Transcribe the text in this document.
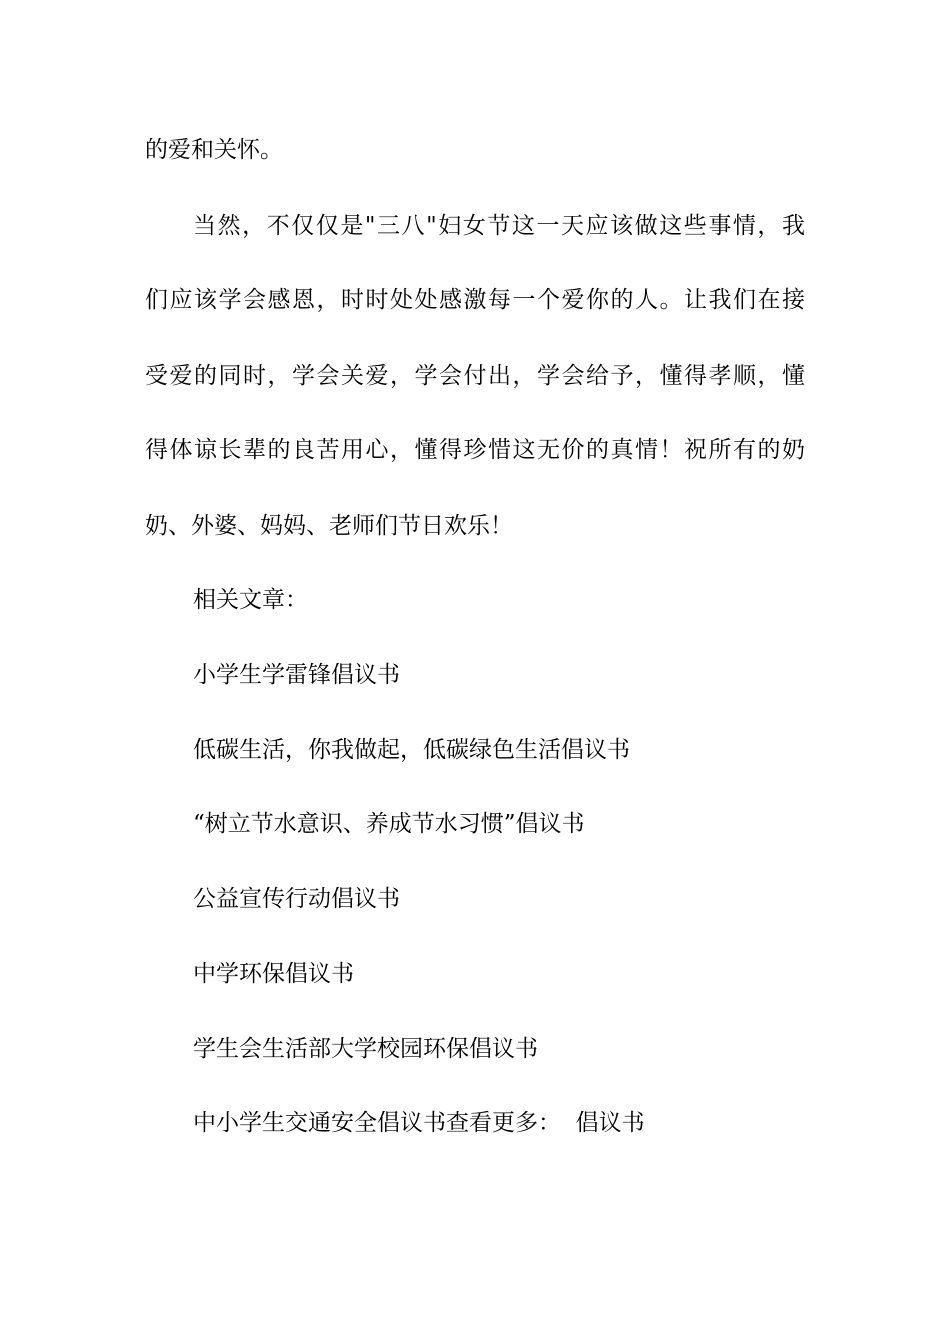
的爱和关怀。
当然，不仅仅是"三八"妇女节这一天应该做这些事情，我
们应该学会感恩，时时处处感激每一个爱你的人。让我们在接
受爱的同时，学会关爱，学会付出，学会给予，懂得孝顺，懂
得体谅长辈的良苦用心，懂得珍惜这无价的真情！祝所有的奶
奶、外婆、妈妈、老师们节日欢乐！
相关文章：
小学生学雷锋倡议书
低碳生活，你我做起，低碳绿色生活倡议书
“树立节水意识、养成节水习惯”倡议书
公益宣传行动倡议书
中学环保倡议书
学生会生活部大学校园环保倡议书
中小学生交通安全倡议书查看更多：  倡议书
